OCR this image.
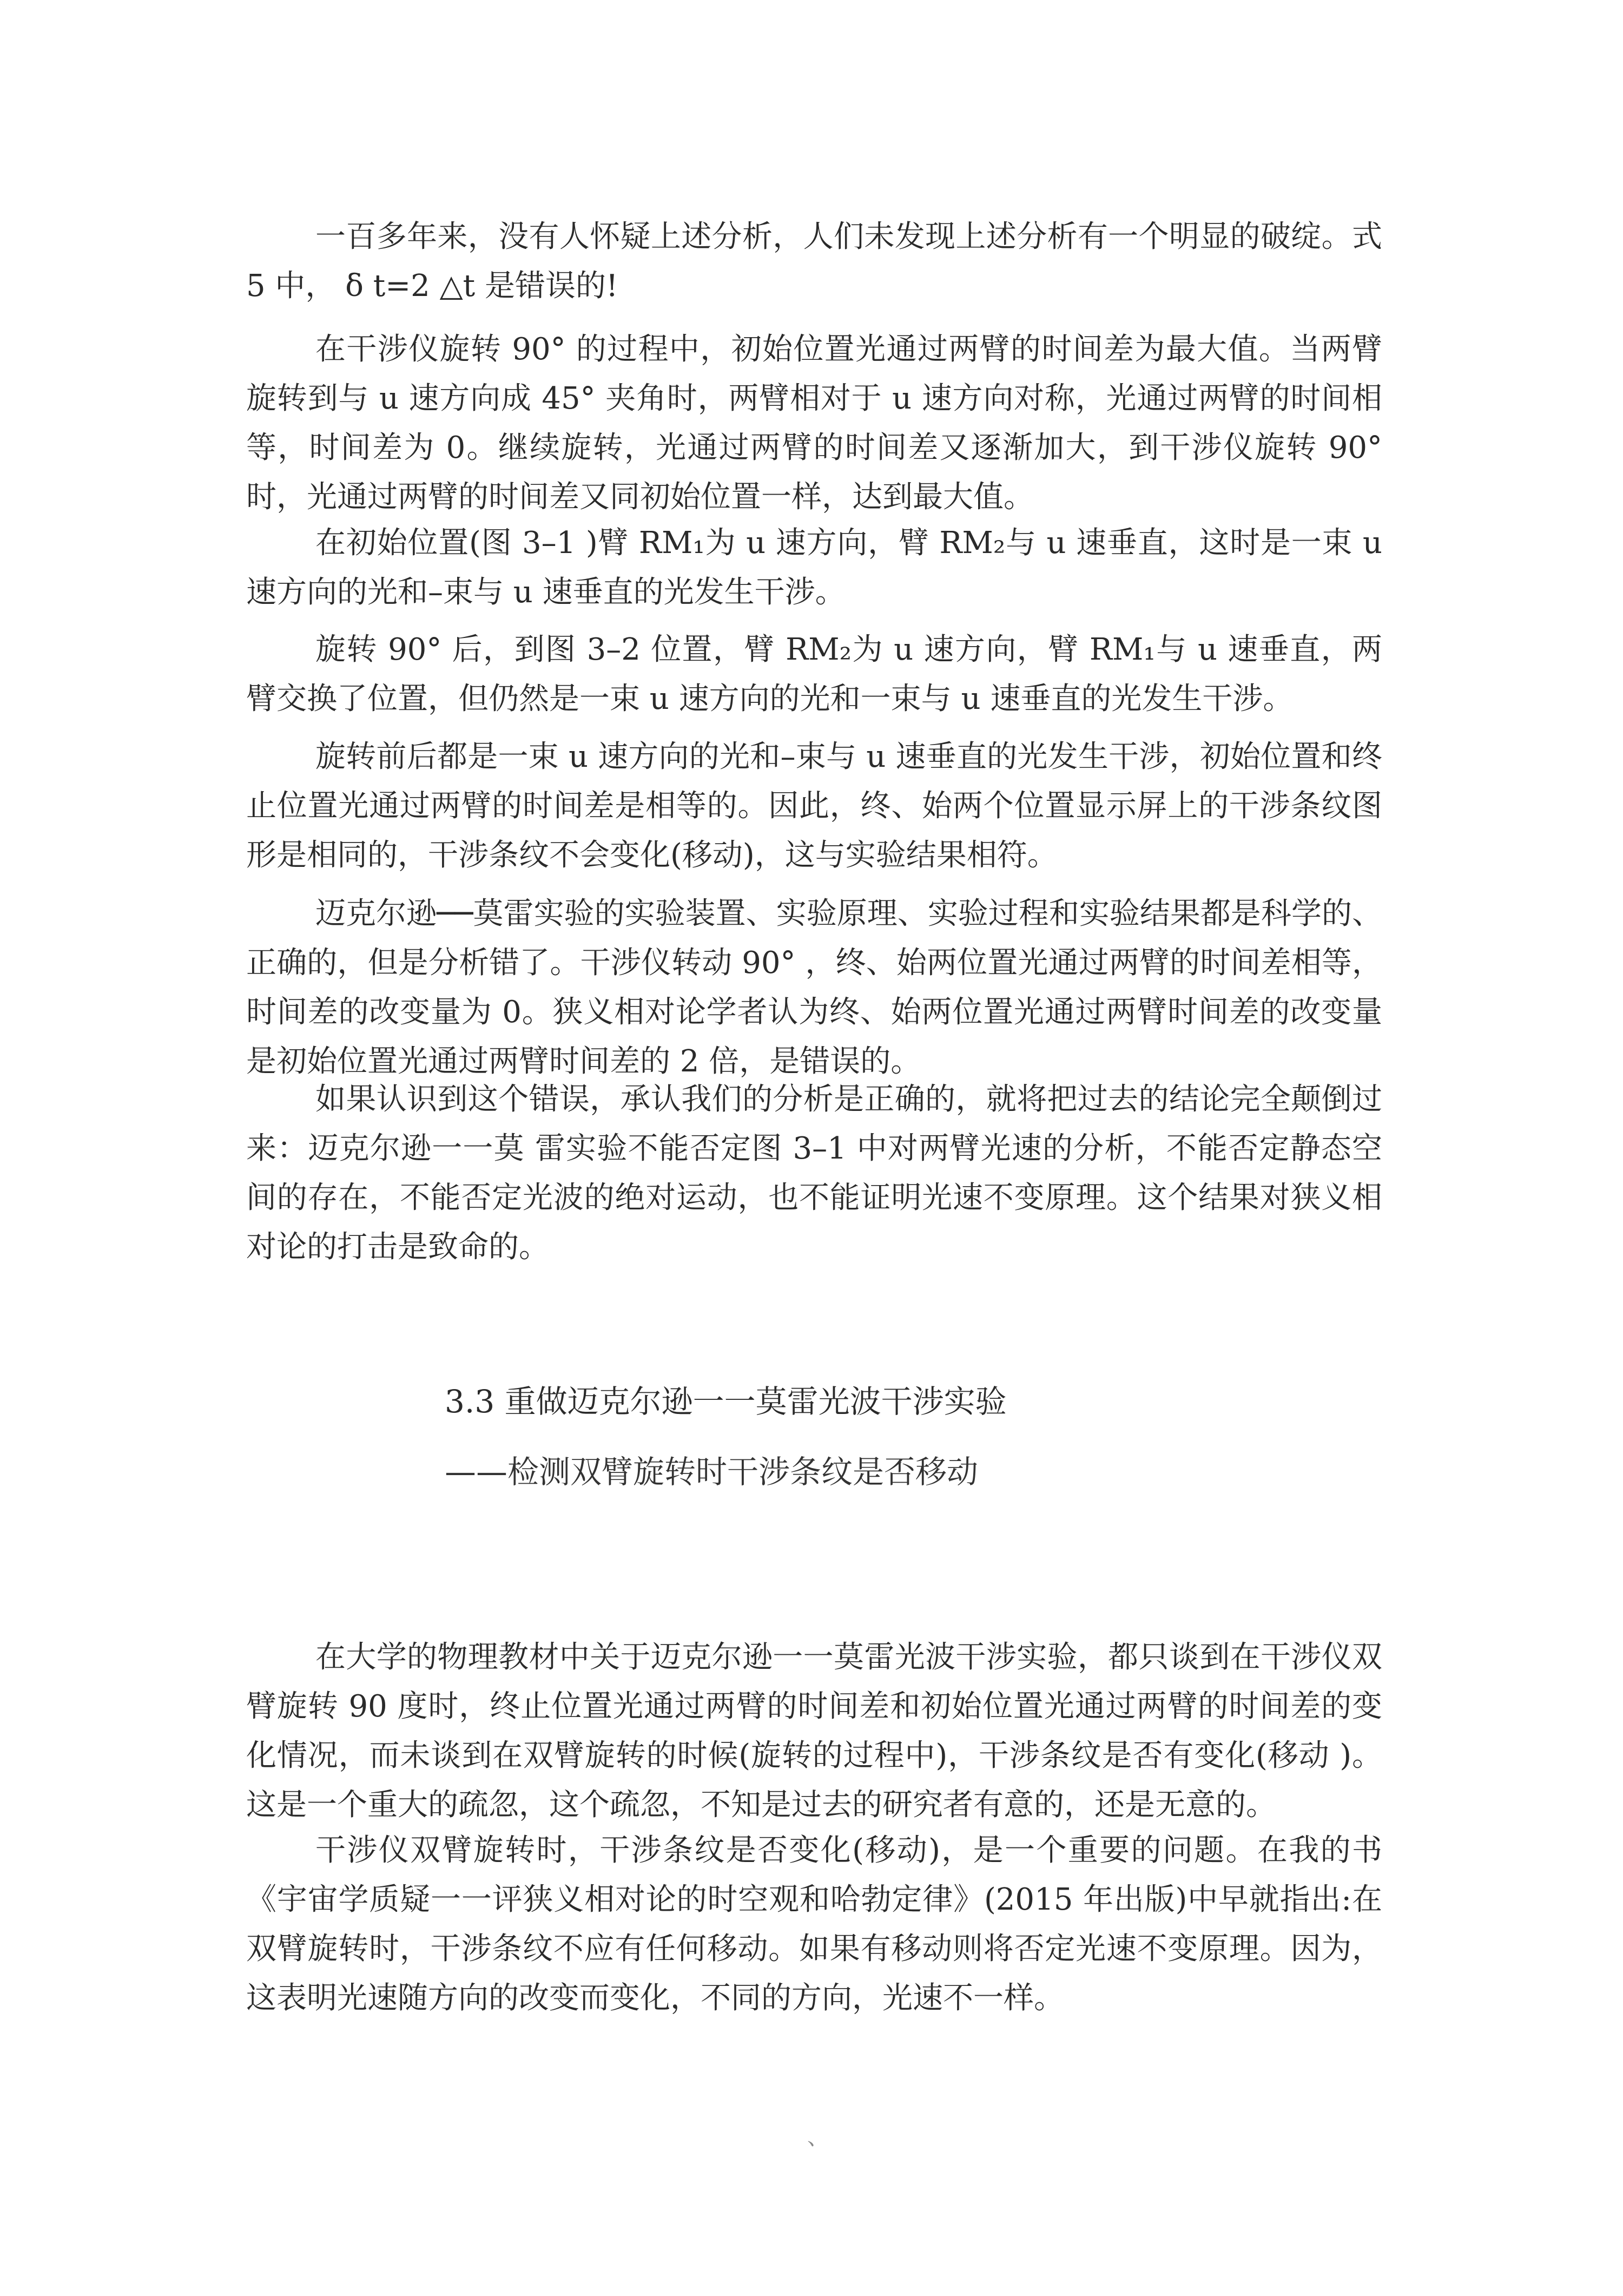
一百多年来，没有人怀疑上述分析，人们未发现上述分析有一个明显的破绽。式 5 中， δ t=2 △t 是错误的!

在干涉仪旋转 90° 的过程中，初始位置光通过两臂的时间差为最大值。当两臂旋转到与 u 速方向成 45° 夹角时，两臂相对于 u 速方向对称，光通过两臂的时间相等，时间差为 0。继续旋转，光通过两臂的时间差又逐渐加大，到干涉仪旋转 90° 时，光通过两臂的时间差又同初始位置一样，达到最大值。

在初始位置(图 3–1 )臂 RM₁为 u 速方向，臂 RM₂与 u 速垂直，这时是一束 u 速方向的光和–束与 u 速垂直的光发生干涉。

旋转 90° 后，到图 3–2 位置，臂 RM₂为 u 速方向，臂 RM₁与 u 速垂直，两臂交换了位置，但仍然是一束 u 速方向的光和一束与 u 速垂直的光发生干涉。

旋转前后都是一束 u 速方向的光和–束与 u 速垂直的光发生干涉，初始位置和终止位置光通过两臂的时间差是相等的。因此，终、始两个位置显示屏上的干涉条纹图形是相同的，干涉条纹不会变化(移动)，这与实验结果相符。

迈克尔逊──莫雷实验的实验装置、实验原理、实验过程和实验结果都是科学的、正确的，但是分析错了。干涉仪转动 90° ，终、始两位置光通过两臂的时间差相等，时间差的改变量为 0。狭义相对论学者认为终、始两位置光通过两臂时间差的改变量是初始位置光通过两臂时间差的 2 倍，是错误的。

如果认识到这个错误，承认我们的分析是正确的，就将把过去的结论完全颠倒过来：迈克尔逊一一莫 雷实验不能否定图 3–1 中对两臂光速的分析，不能否定静态空间的存在，不能否定光波的绝对运动，也不能证明光速不变原理。这个结果对狭义相对论的打击是致命的。

3.3 重做迈克尔逊一一莫雷光波干涉实验
——检测双臂旋转时干涉条纹是否移动

在大学的物理教材中关于迈克尔逊一一莫雷光波干涉实验，都只谈到在干涉仪双臂旋转 90 度时，终止位置光通过两臂的时间差和初始位置光通过两臂的时间差的变化情况，而未谈到在双臂旋转的时候(旋转的过程中)，干涉条纹是否有变化(移动 )。这是一个重大的疏忽，这个疏忽，不知是过去的研究者有意的，还是无意的。

干涉仪双臂旋转时，干涉条纹是否变化(移动)，是一个重要的问题。在我的书《宇宙学质疑一一评狭义相对论的时空观和哈勃定律》(2015 年出版)中早就指出:在双臂旋转时，干涉条纹不应有任何移动。如果有移动则将否定光速不变原理。因为，这表明光速随方向的改变而变化，不同的方向，光速不一样。

、
